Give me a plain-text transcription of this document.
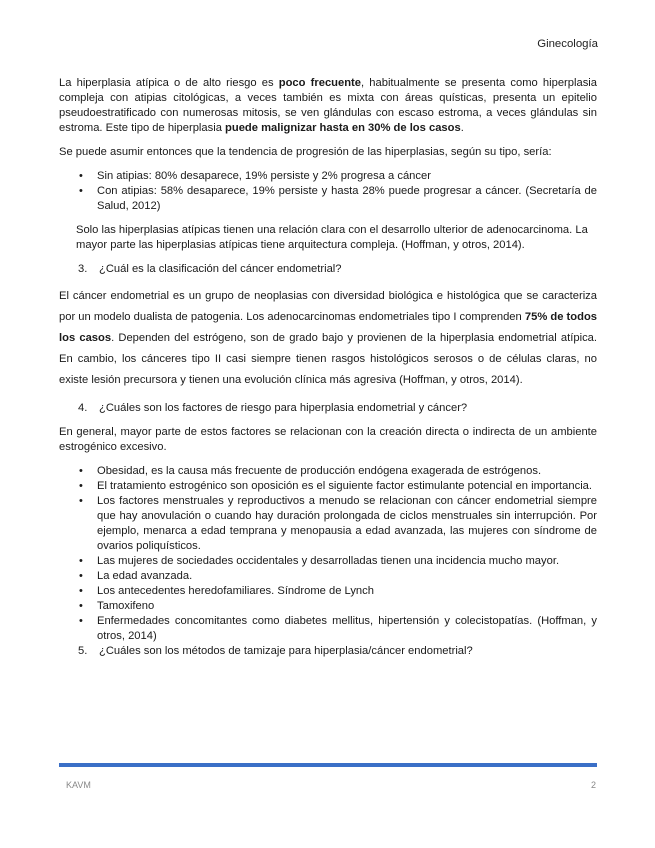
Ginecología

La hiperplasia atípica o de alto riesgo es poco frecuente, habitualmente se presenta como hiperplasia compleja con atipias citológicas, a veces también es mixta con áreas quísticas, presenta un epitelio pseudoestratificado con numerosas mitosis, se ven glándulas con escaso estroma, a veces glándulas sin estroma. Este tipo de hiperplasia puede malignizar hasta en 30% de los casos.

Se puede asumir entonces que la tendencia de progresión de las hiperplasias, según su tipo, sería:

• Sin atipias: 80% desaparece, 19% persiste y 2% progresa a cáncer
• Con atipias: 58% desaparece, 19% persiste y hasta 28% puede progresar a cáncer. (Secretaría de Salud, 2012)

Solo las hiperplasias atípicas tienen una relación clara con el desarrollo ulterior de adenocarcinoma. La mayor parte las hiperplasias atípicas tiene arquitectura compleja. (Hoffman, y otros, 2014).

3. ¿Cuál es la clasificación del cáncer endometrial?

El cáncer endometrial es un grupo de neoplasias con diversidad biológica e histológica que se caracteriza por un modelo dualista de patogenia. Los adenocarcinomas endometriales tipo I comprenden 75% de todos los casos. Dependen del estrógeno, son de grado bajo y provienen de la hiperplasia endometrial atípica. En cambio, los cánceres tipo II casi siempre tienen rasgos histológicos serosos o de células claras, no existe lesión precursora y tienen una evolución clínica más agresiva (Hoffman, y otros, 2014).

4. ¿Cuáles son los factores de riesgo para hiperplasia endometrial y cáncer?

En general, mayor parte de estos factores se relacionan con la creación directa o indirecta de un ambiente estrogénico excesivo.

• Obesidad, es la causa más frecuente de producción endógena exagerada de estrógenos.
• El tratamiento estrogénico son oposición es el siguiente factor estimulante potencial en importancia.
• Los factores menstruales y reproductivos a menudo se relacionan con cáncer endometrial siempre que hay anovulación o cuando hay duración prolongada de ciclos menstruales sin interrupción. Por ejemplo, menarca a edad temprana y menopausia a edad avanzada, las mujeres con síndrome de ovarios poliquísticos.
• Las mujeres de sociedades occidentales y desarrolladas tienen una incidencia mucho mayor.
• La edad avanzada.
• Los antecedentes heredofamiliares. Síndrome de Lynch
• Tamoxifeno
• Enfermedades concomitantes como diabetes mellitus, hipertensión y colecistopatías. (Hoffman, y otros, 2014)
5. ¿Cuáles son los métodos de tamizaje para hiperplasia/cáncer endometrial?
KAVM	2
